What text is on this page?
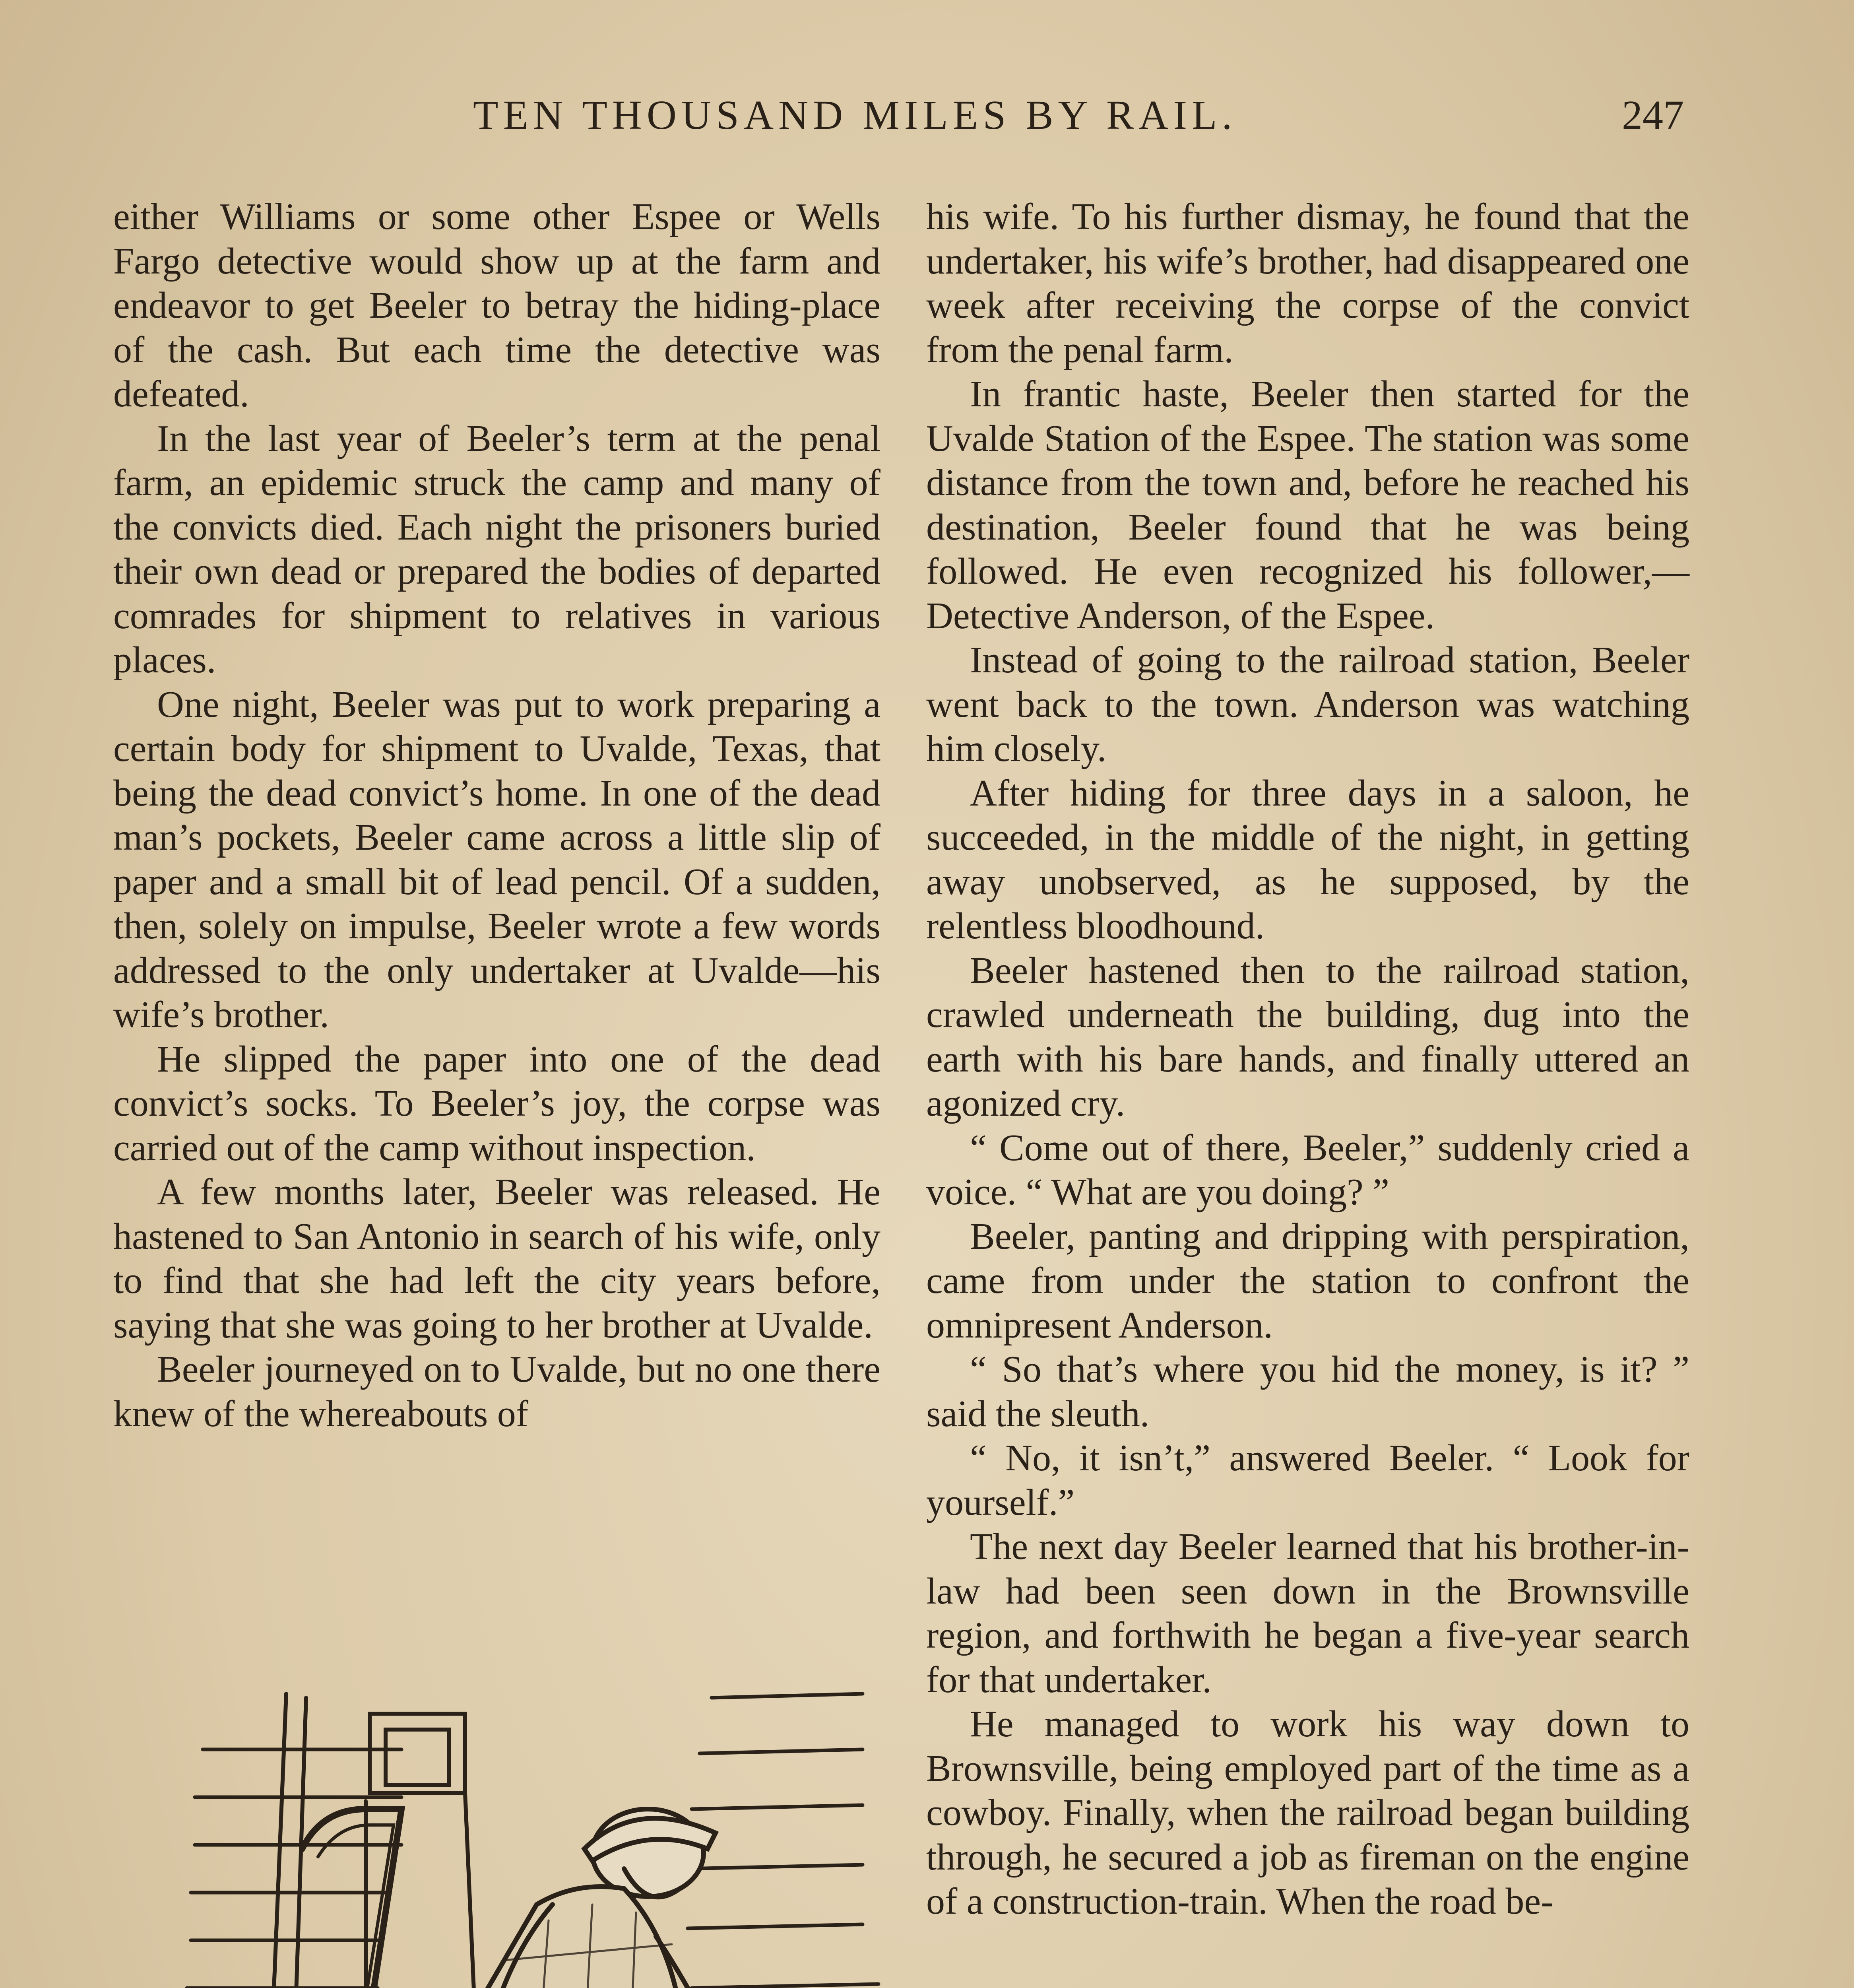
TEN THOUSAND MILES BY RAIL.	247

either Williams or some other Espee or Wells Fargo detective would show up at the farm and endeavor to get Beeler to betray the hiding-place of the cash. But each time the detective was defeated.

In the last year of Beeler’s term at the penal farm, an epidemic struck the camp and many of the convicts died. Each night the prisoners buried their own dead or prepared the bodies of departed comrades for shipment to relatives in various places.

One night, Beeler was put to work preparing a certain body for shipment to Uvalde, Texas, that being the dead convict’s home. In one of the dead man’s pockets, Beeler came across a little slip of paper and a small bit of lead pencil. Of a sudden, then, solely on impulse, Beeler wrote a few words addressed to the only undertaker at Uvalde—his wife’s brother.

He slipped the paper into one of the dead convict’s socks. To Beeler’s joy, the corpse was carried out of the camp without inspection.

A few months later, Beeler was released. He hastened to San Antonio in search of his wife, only to find that she had left the city years before, saying that she was going to her brother at Uvalde.

Beeler journeyed on to Uvalde, but no one there knew of the whereabouts of

his wife. To his further dismay, he found that the undertaker, his wife’s brother, had disappeared one week after receiving the corpse of the convict from the penal farm.

In frantic haste, Beeler then started for the Uvalde Station of the Espee. The station was some distance from the town and, before he reached his destination, Beeler found that he was being followed. He even recognized his follower,—Detective Anderson, of the Espee.

Instead of going to the railroad station, Beeler went back to the town. Anderson was watching him closely.

After hiding for three days in a saloon, he succeeded, in the middle of the night, in getting away unobserved, as he supposed, by the relentless bloodhound.

Beeler hastened then to the railroad station, crawled underneath the building, dug into the earth with his bare hands, and finally uttered an agonized cry.

“ Come out of there, Beeler,” suddenly cried a voice. “ What are you doing? ”

Beeler, panting and dripping with perspiration, came from under the station to confront the omnipresent Anderson.

“ So that’s where you hid the money, is it? ” said the sleuth.

“ No, it isn’t,” answered Beeler. “ Look for yourself.”

The next day Beeler learned that his brother-in-law had been seen down in the Brownsville region, and forthwith he began a five-year search for that undertaker.

He managed to work his way down to Brownsville, being employed part of the time as a cowboy. Finally, when the railroad began building through, he secured a job as fireman on the engine of a construction-train. When the road be-
